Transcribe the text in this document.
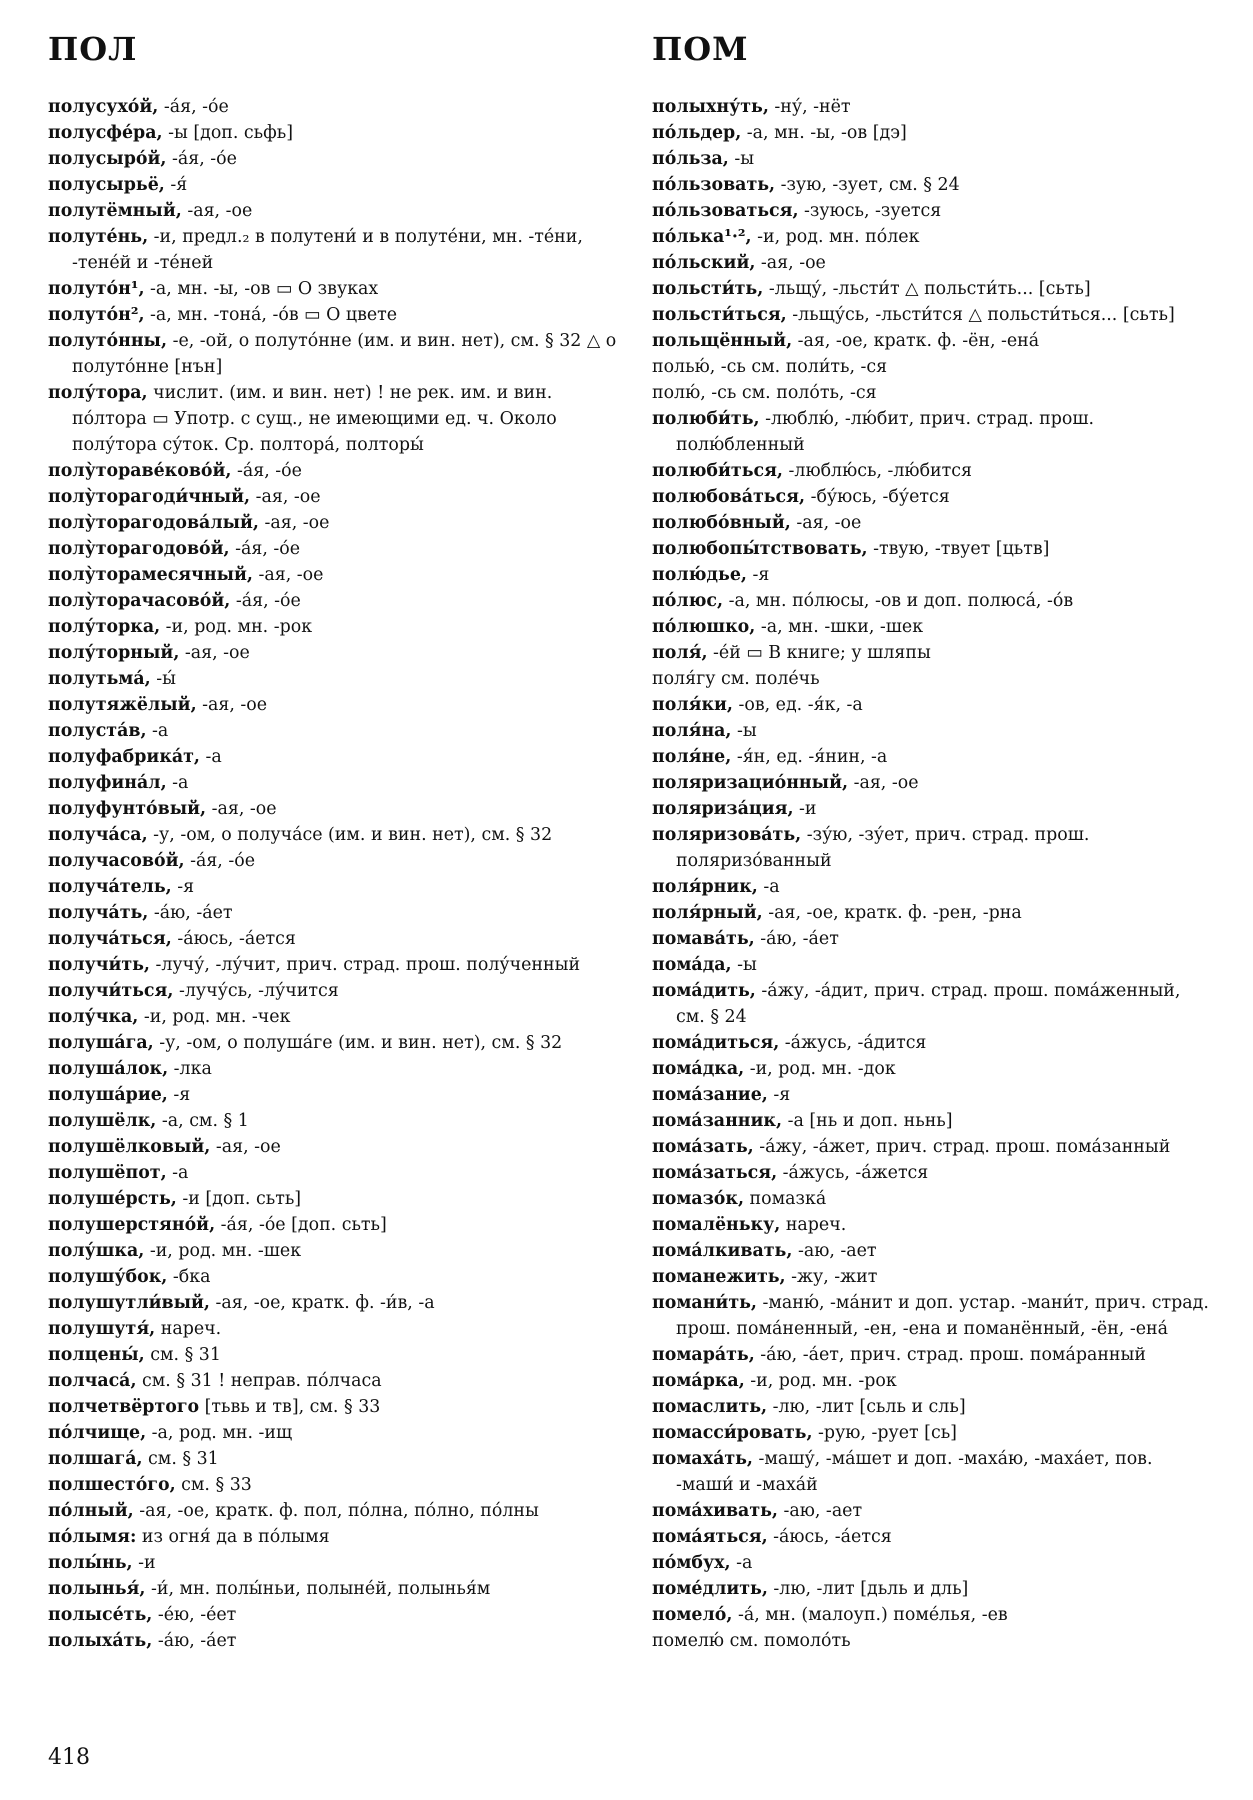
ПОЛ	ПОМ

полусухо́й, -а́я, -о́е

полусфе́ра, -ы [доп. сьфь]

полусыро́й, -а́я, -о́е

полусырьё, -я́

полутёмный, -ая, -ое

полуте́нь, -и, предл.₂ в полутени́ и в полуте́ни, мн. -те́ни, -тене́й и -те́ней

полуто́н¹, -а, мн. -ы, -ов ▭ О звуках

полуто́н², -а, мн. -тона́, -о́в ▭ О цвете

полуто́нны, -е, -ой, о полуто́нне (им. и вин. нет), см. § 32 △ о полуто́нне [нън]

полу́тора, числит. (им. и вин. нет) ! не рек. им. и вин. по́лтора ▭ Употр. с сущ., не имеющими ед. ч. Около полу́тора су́ток. Ср. полтора́, полторы́

полу̀тораве́ково́й, -а́я, -о́е

полу̀торагоди́чный, -ая, -ое

полу̀торагодова́лый, -ая, -ое

полу̀торагодово́й, -а́я, -о́е

полу̀торамесячный, -ая, -ое

полу̀торачасово́й, -а́я, -о́е

полу́торка, -и, род. мн. -рок

полу́торный, -ая, -ое

полутьма́, -ы́

полутяжёлый, -ая, -ое

полуста́в, -а

полуфабрика́т, -а

полуфина́л, -а

полуфунто́вый, -ая, -ое

получа́са, -у, -ом, о получа́се (им. и вин. нет), см. § 32

получасово́й, -а́я, -о́е

получа́тель, -я

получа́ть, -а́ю, -а́ет

получа́ться, -а́юсь, -а́ется

получи́ть, -лучу́, -лу́чит, прич. страд. прош. полу́ченный

получи́ться, -лучу́сь, -лу́чится

полу́чка, -и, род. мн. -чек

полуша́га, -у, -ом, о полуша́ге (им. и вин. нет), см. § 32

полуша́лок, -лка

полуша́рие, -я

полушёлк, -а, см. § 1

полушёлковый, -ая, -ое

полушёпот, -а

полуше́рсть, -и [доп. сьть]

полушерстяно́й, -а́я, -о́е [доп. сьть]

полу́шка, -и, род. мн. -шек

полушу́бок, -бка

полушутли́вый, -ая, -ое, кратк. ф. -и́в, -а

полушутя́, нареч.

полцены́, см. § 31

полчаса́, см. § 31 ! неправ. по́лчаса

полчетвёртого [тьвь и тв], см. § 33

по́лчище, -а, род. мн. -ищ

полшага́, см. § 31

полшесто́го, см. § 33

по́лный, -ая, -ое, кратк. ф. пол, по́лна, по́лно, по́лны

по́лымя: из огня́ да в по́лымя

полы́нь, -и

полынья́, -и́, мн. полы́ньи, полыне́й, полынья́м

полысе́ть, -е́ю, -е́ет

полыха́ть, -а́ю, -а́ет

полыхну́ть, -ну́, -нёт

по́льдер, -а, мн. -ы, -ов [дэ]

по́льза, -ы

по́льзовать, -зую, -зует, см. § 24

по́льзоваться, -зуюсь, -зуется

по́лька¹·², -и, род. мн. по́лек

по́льский, -ая, -ое

польсти́ть, -льщу́, -льсти́т △ польсти́ть... [сьть]

польсти́ться, -льщу́сь, -льсти́тся △ польсти́ться... [сьть]

польщённый, -ая, -ое, кратк. ф. -ён, -ена́

полью́, -сь см. поли́ть, -ся

полю́, -сь см. поло́ть, -ся

полюби́ть, -люблю́, -лю́бит, прич. страд. прош. полю́бленный

полюби́ться, -люблю́сь, -лю́бится

полюбова́ться, -бу́юсь, -бу́ется

полюбо́вный, -ая, -ое

полюбопы́тствовать, -твую, -твует [цьтв]

полю́дье, -я

по́люс, -а, мн. по́люсы, -ов и доп. полюса́, -о́в

по́люшко, -а, мн. -шки, -шек

поля́, -е́й ▭ В книге; у шляпы

поля́гу см. поле́чь

поля́ки, -ов, ед. -я́к, -а

поля́на, -ы

поля́не, -я́н, ед. -я́нин, -а

поляризацио́нный, -ая, -ое

поляриза́ция, -и

поляризова́ть, -зу́ю, -зу́ет, прич. страд. прош. поляризо́ванный

поля́рник, -а

поля́рный, -ая, -ое, кратк. ф. -рен, -рна

помава́ть, -а́ю, -а́ет

пома́да, -ы

пома́дить, -а́жу, -а́дит, прич. страд. прош. пома́женный, см. § 24

пома́диться, -а́жусь, -а́дится

пома́дка, -и, род. мн. -док

пома́зание, -я

пома́занник, -а [нь и доп. ньнь]

пома́зать, -а́жу, -а́жет, прич. страд. прош. пома́занный

пома́заться, -а́жусь, -а́жется

помазо́к, помазка́

помалёньку, нареч.

пома́лкивать, -аю, -ает

поманежить, -жу, -жит

помани́ть, -маню́, -ма́нит и доп. устар. -мани́т, прич. страд. прош. пома́ненный, -ен, -ена и поманённый, -ён, -ена́

помара́ть, -а́ю, -а́ет, прич. страд. прош. пома́ранный

пома́рка, -и, род. мн. -рок

помаслить, -лю, -лит [сьль и сль]

помасси́ровать, -рую, -рует [сь]

помаха́ть, -машу́, -ма́шет и доп. -маха́ю, -маха́ет, пов. -маши́ и -маха́й

пома́хивать, -аю, -ает

пома́яться, -а́юсь, -а́ется

по́мбух, -а

поме́длить, -лю, -лит [дьль и дль]

помело́, -а́, мн. (малоуп.) поме́лья, -ев

помелю́ см. помоло́ть

418
